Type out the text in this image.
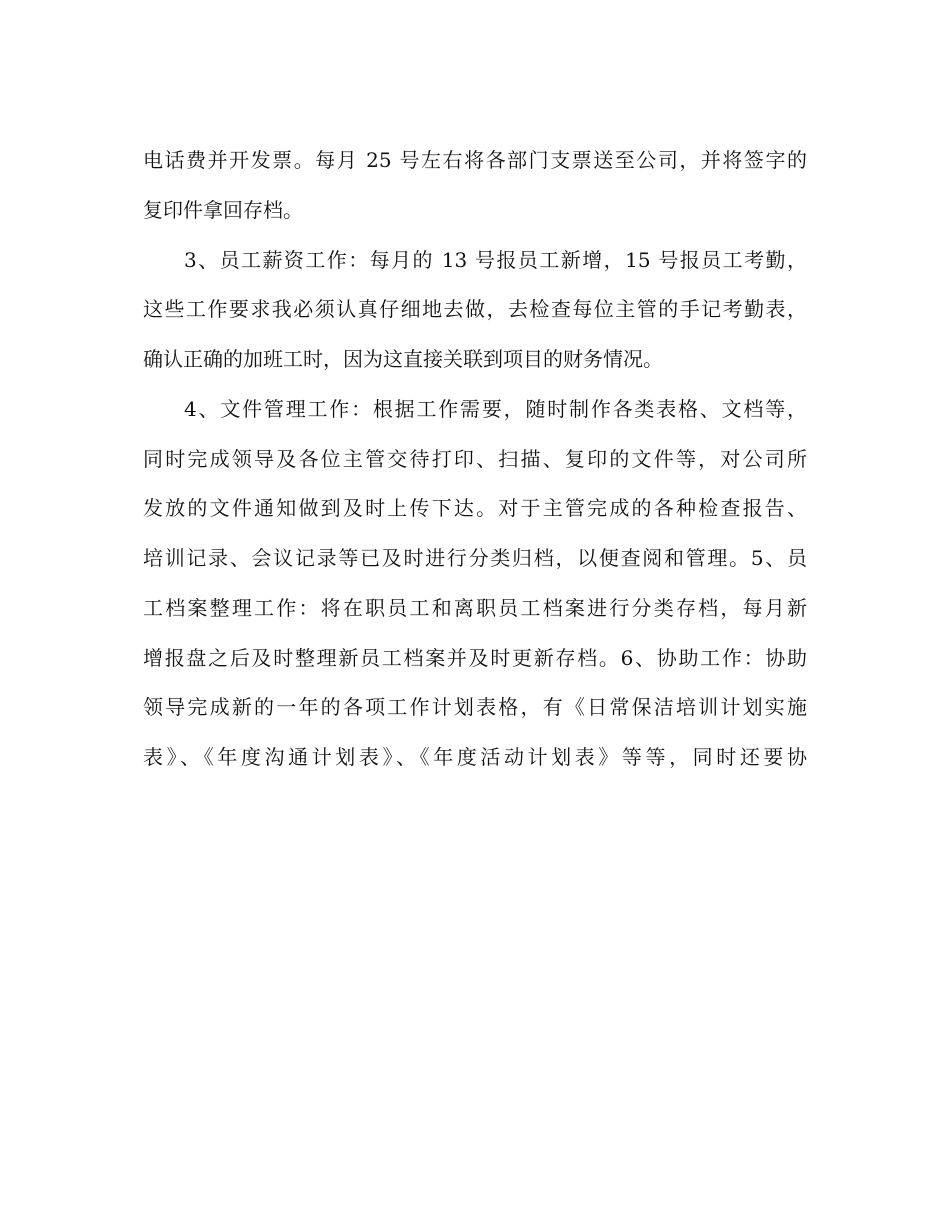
电话费并开发票。每月 25 号左右将各部门支票送至公司，并将签字的
复印件拿回存档。
3、员工薪资工作：每月的 13 号报员工新增，15 号报员工考勤，
这些工作要求我必须认真仔细地去做，去检查每位主管的手记考勤表，
确认正确的加班工时，因为这直接关联到项目的财务情况。
4、文件管理工作：根据工作需要，随时制作各类表格、文档等，
同时完成领导及各位主管交待打印、扫描、复印的文件等，对公司所
发放的文件通知做到及时上传下达。对于主管完成的各种检查报告、
培训记录、会议记录等已及时进行分类归档，以便查阅和管理。5、员
工档案整理工作：将在职员工和离职员工档案进行分类存档，每月新
增报盘之后及时整理新员工档案并及时更新存档。6、协助工作：协助
领导完成新的一年的各项工作计划表格，有《日常保洁培训计划实施
表》、《年度沟通计划表》、《年度活动计划表》等等，同时还要协
